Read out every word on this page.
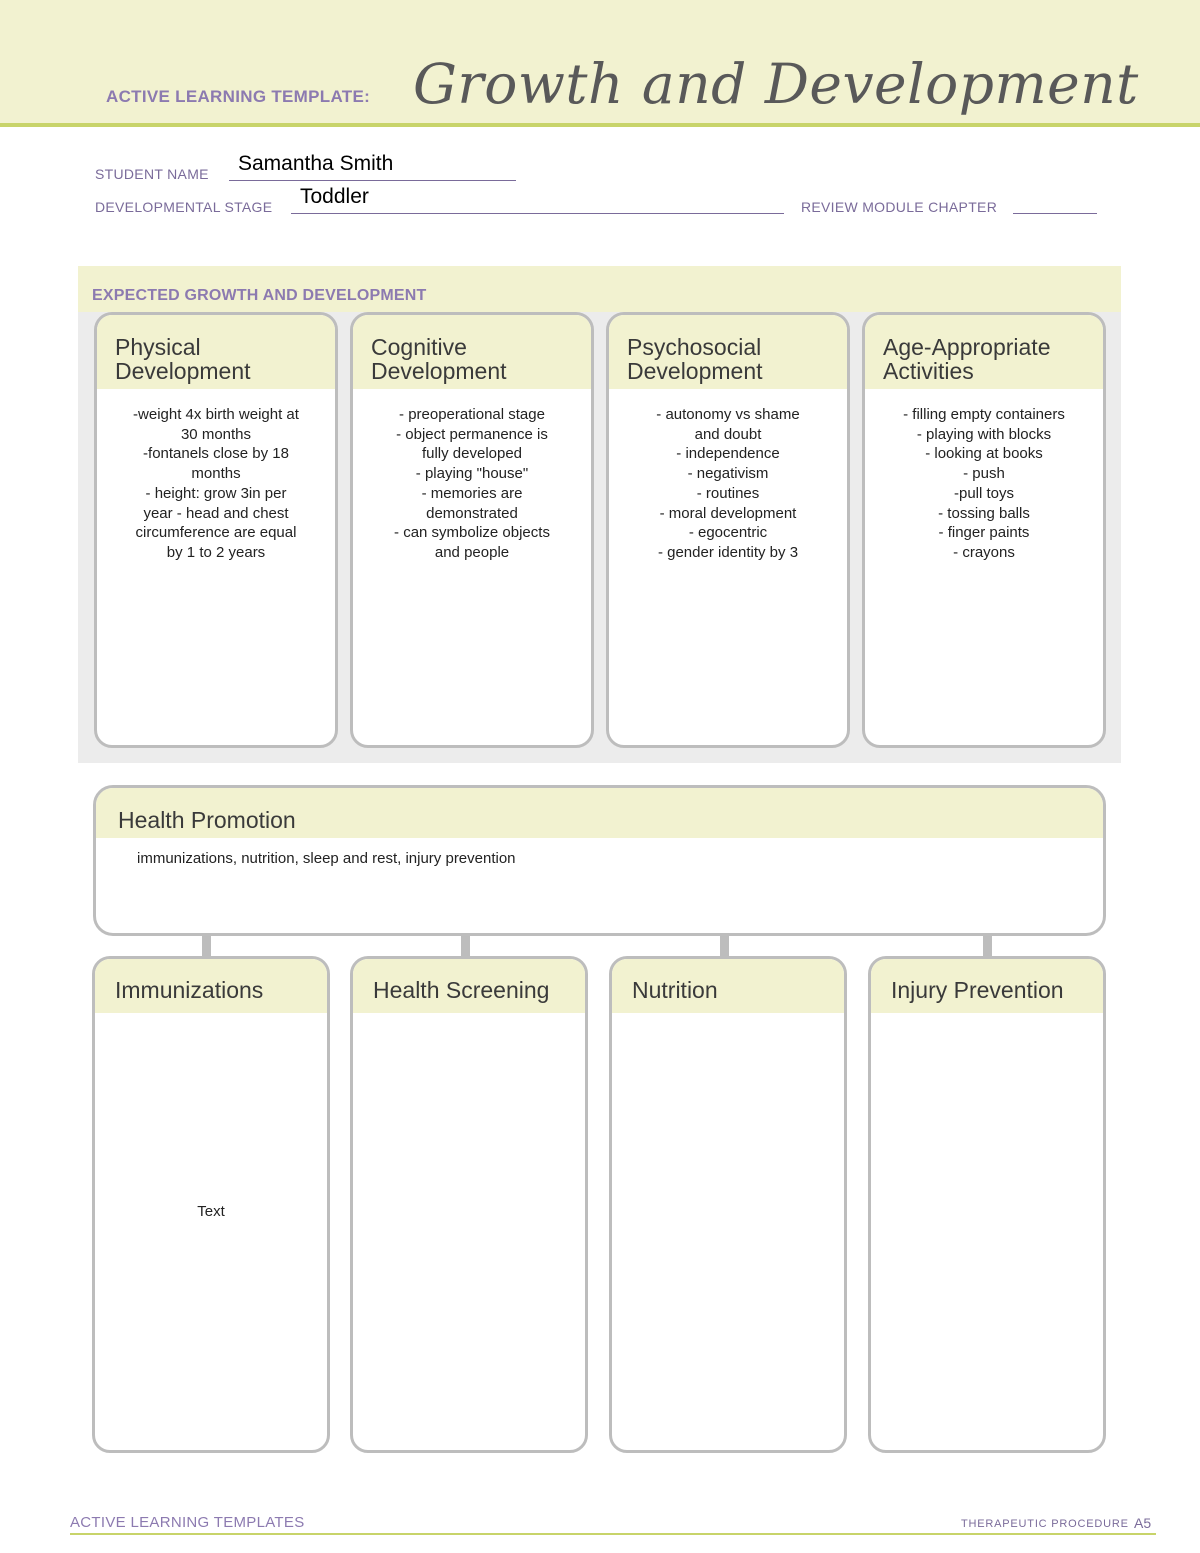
ACTIVE LEARNING TEMPLATE: Growth and Development
STUDENT NAME Samantha Smith
DEVELOPMENTAL STAGE Toddler	REVIEW MODULE CHAPTER
EXPECTED GROWTH AND DEVELOPMENT
Physical
Development
-weight 4x birth weight at
30 months
-fontanels close by 18
months
- height: grow 3in per
year - head and chest
circumference are equal
by 1 to 2 years
Cognitive
Development
- preoperational stage
- object permanence is
fully developed
- playing "house"
- memories are
demonstrated
- can symbolize objects
and people
Psychosocial
Development
- autonomy vs shame
and doubt
- independence
- negativism
- routines
- moral development
- egocentric
- gender identity by 3
Age-Appropriate
Activities
- filling empty containers
- playing with blocks
- looking at books
- push
-pull toys
- tossing balls
- finger paints
- crayons
Health Promotion
immunizations, nutrition, sleep and rest, injury prevention
Immunizations
Text
Health Screening	Nutrition	Injury Prevention
ACTIVE LEARNING TEMPLATES	THERAPEUTIC PROCEDURE A5
